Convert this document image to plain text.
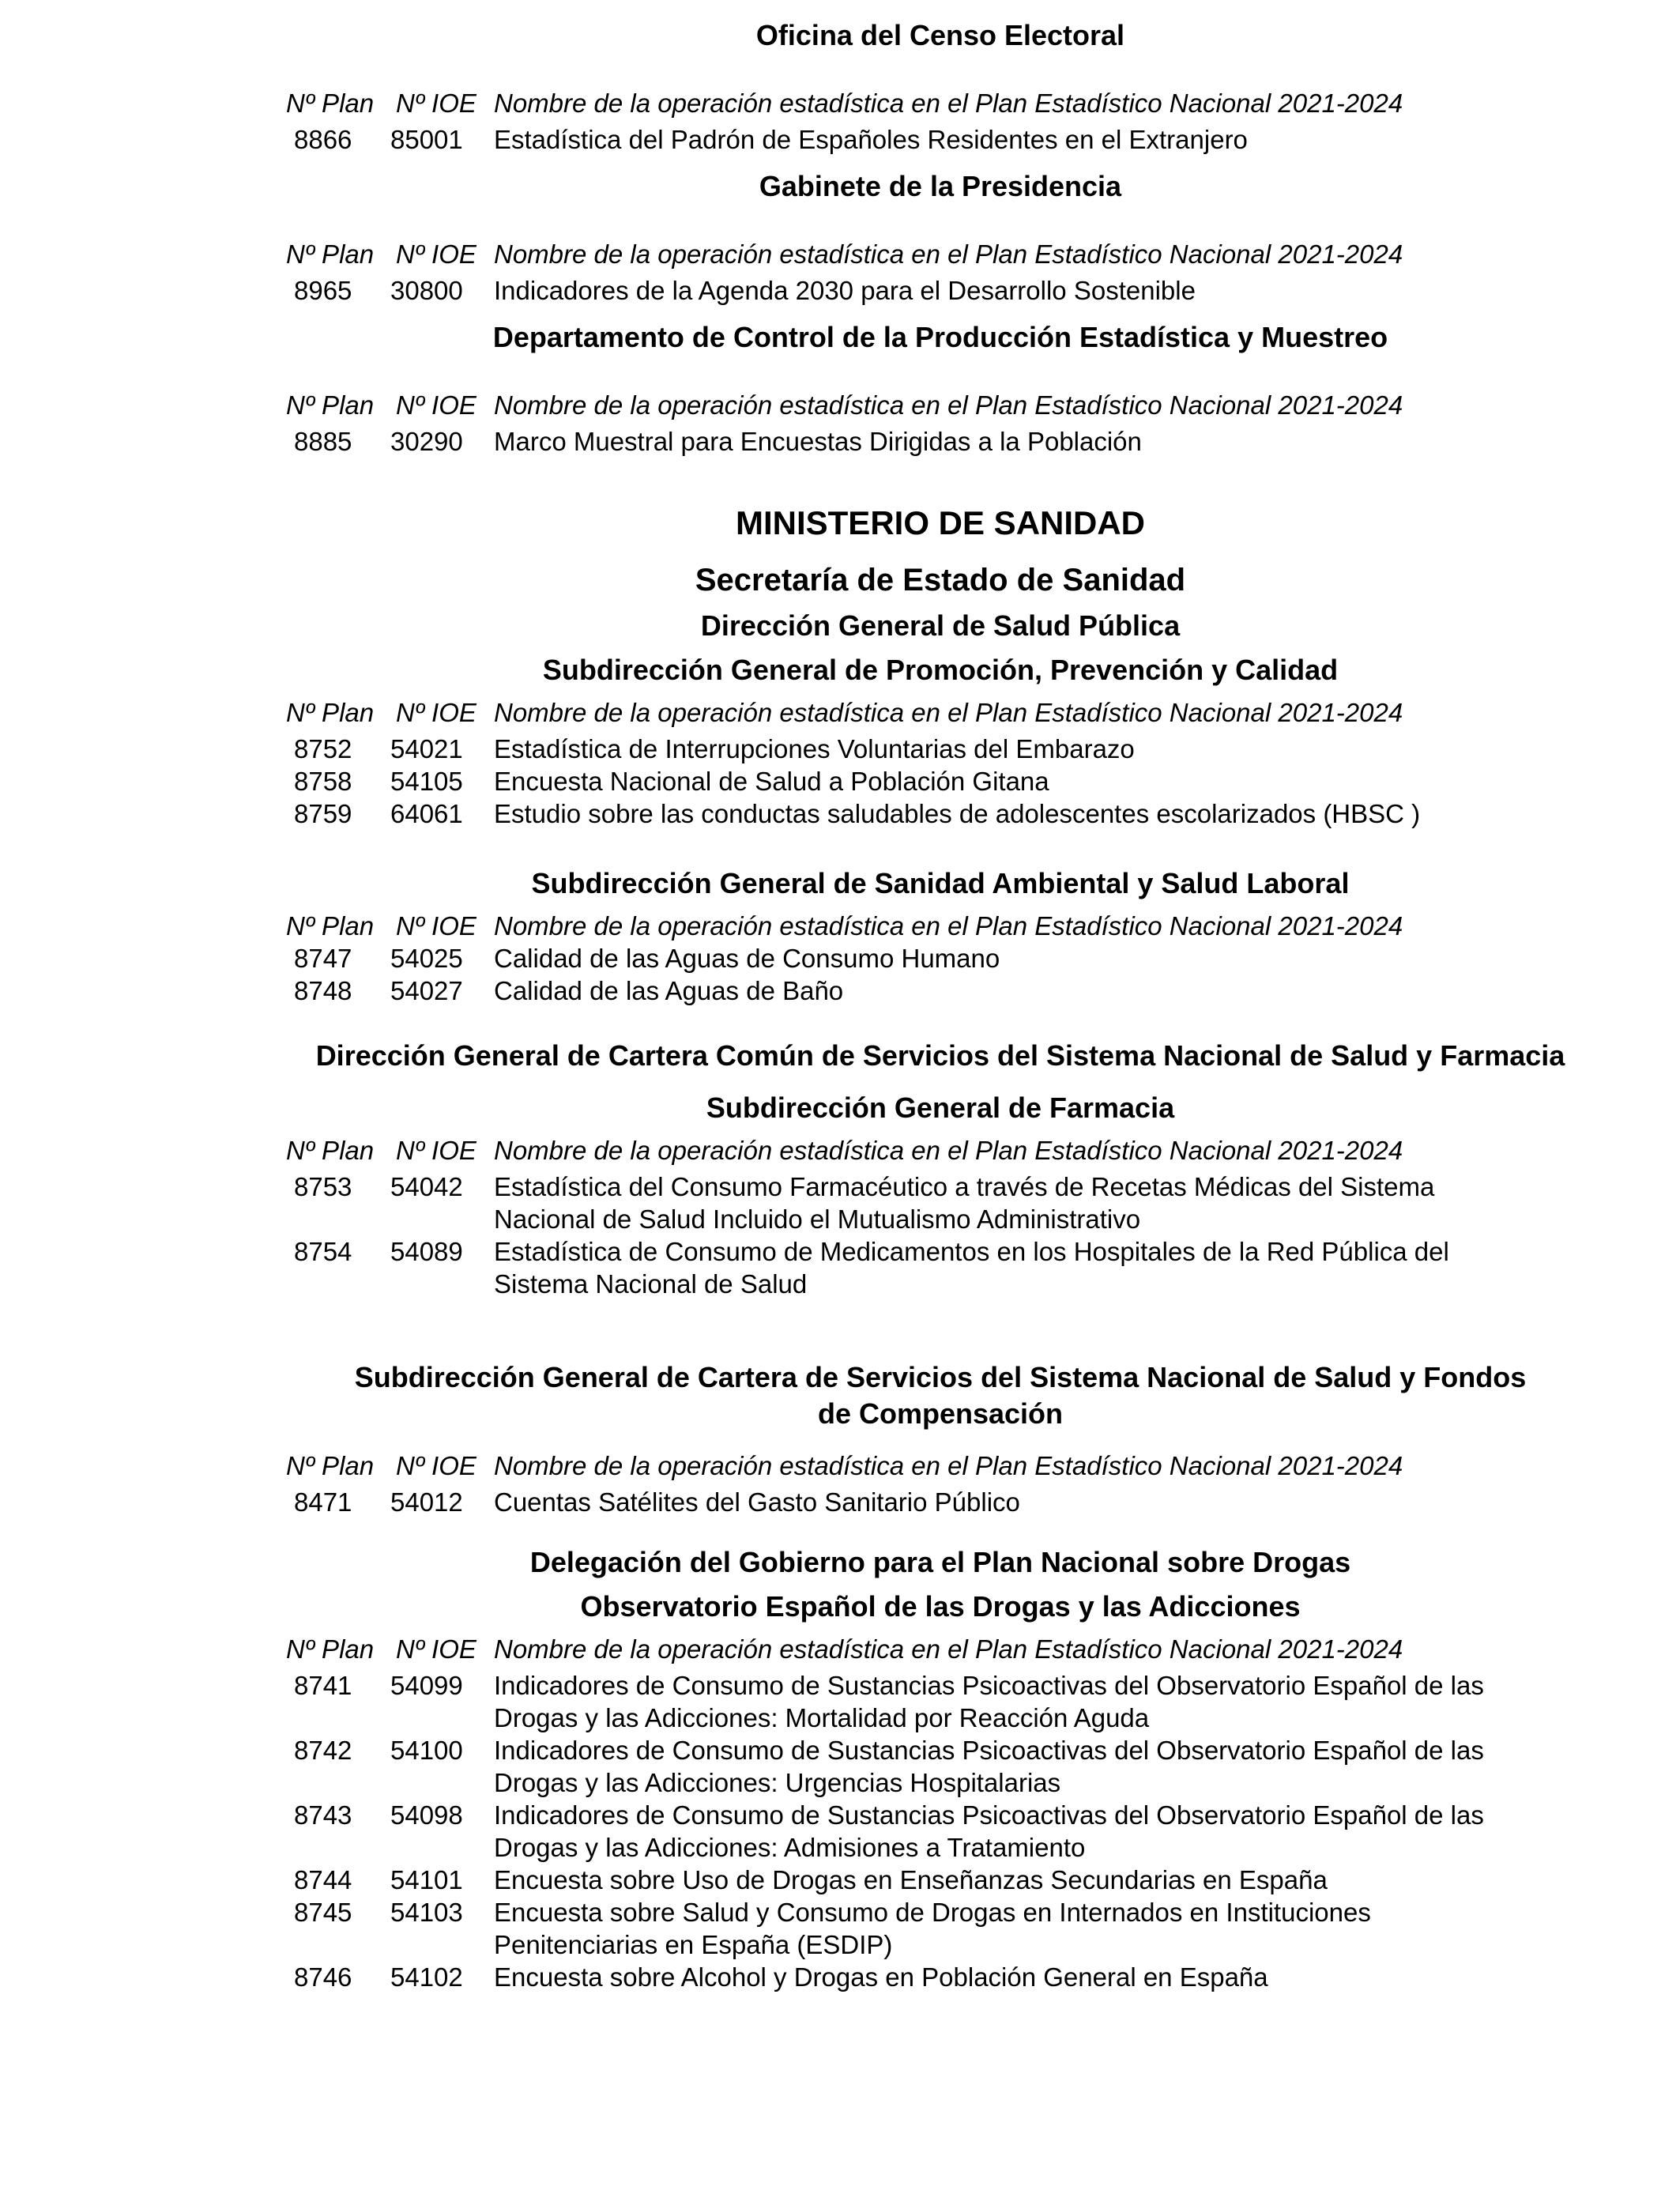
Oficina del Censo Electoral
Nº Plan Nº IOE Nombre de la operación estadística en el Plan Estadístico Nacional 2021-2024
8866	85001	Estadística del Padrón de Españoles Residentes en el Extranjero
Gabinete de la Presidencia
Nº Plan Nº IOE Nombre de la operación estadística en el Plan Estadístico Nacional 2021-2024
8965	30800	Indicadores de la Agenda 2030 para el Desarrollo Sostenible
Departamento de Control de la Producción Estadística y Muestreo
Nº Plan Nº IOE Nombre de la operación estadística en el Plan Estadístico Nacional 2021-2024
8885	30290	Marco Muestral para Encuestas Dirigidas a la Población
MINISTERIO DE SANIDAD
Secretaría de Estado de Sanidad
Dirección General de Salud Pública
Subdirección General de Promoción, Prevención y Calidad
Nº Plan Nº IOE Nombre de la operación estadística en el Plan Estadístico Nacional 2021-2024
8752	54021	Estadística de Interrupciones Voluntarias del Embarazo
8758	54105	Encuesta Nacional de Salud a Población Gitana
8759	64061	Estudio sobre las conductas saludables de adolescentes escolarizados (HBSC )
Subdirección General de Sanidad Ambiental y Salud Laboral
Nº Plan Nº IOE Nombre de la operación estadística en el Plan Estadístico Nacional 2021-2024
8747	54025	Calidad de las Aguas de Consumo Humano
8748	54027	Calidad de las Aguas de Baño
Dirección General de Cartera Común de Servicios del Sistema Nacional de Salud y Farmacia
Subdirección General de Farmacia
Nº Plan Nº IOE Nombre de la operación estadística en el Plan Estadístico Nacional 2021-2024
8753	54042	Estadística del Consumo Farmacéutico a través de Recetas Médicas del Sistema Nacional de Salud Incluido el Mutualismo Administrativo
8754	54089	Estadística de Consumo de Medicamentos en los Hospitales de la Red Pública del Sistema Nacional de Salud
Subdirección General de Cartera de Servicios del Sistema Nacional de Salud y Fondos de Compensación
Nº Plan Nº IOE Nombre de la operación estadística en el Plan Estadístico Nacional 2021-2024
8471	54012	Cuentas Satélites del Gasto Sanitario Público
Delegación del Gobierno para el Plan Nacional sobre Drogas
Observatorio Español de las Drogas y las Adicciones
Nº Plan Nº IOE Nombre de la operación estadística en el Plan Estadístico Nacional 2021-2024
8741	54099	Indicadores de Consumo de Sustancias Psicoactivas del Observatorio Español de las Drogas y las Adicciones: Mortalidad por Reacción Aguda
8742	54100	Indicadores de Consumo de Sustancias Psicoactivas del Observatorio Español de las Drogas y las Adicciones: Urgencias Hospitalarias
8743	54098	Indicadores de Consumo de Sustancias Psicoactivas del Observatorio Español de las Drogas y las Adicciones: Admisiones a Tratamiento
8744	54101	Encuesta sobre Uso de Drogas en Enseñanzas Secundarias en España
8745	54103	Encuesta sobre Salud y Consumo de Drogas en Internados en Instituciones Penitenciarias en España (ESDIP)
8746	54102	Encuesta sobre Alcohol y Drogas en Población General en España
